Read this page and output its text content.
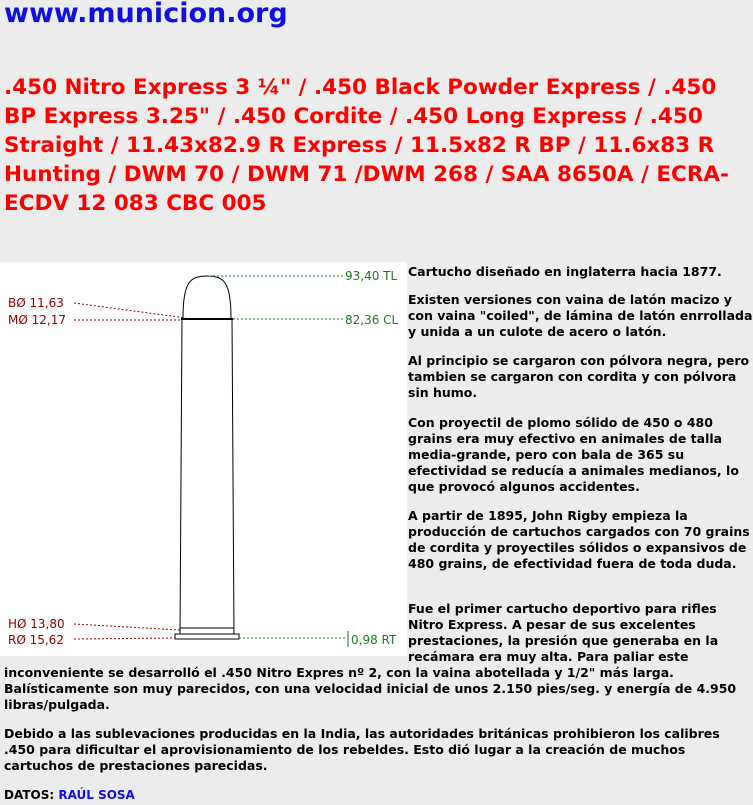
www.municion.org
.450 Nitro Express 3 ¼" / .450 Black Powder Express / .450 BP Express 3.25" / .450 Cordite / .450 Long Express / .450 Straight / 11.43x82.9 R Express / 11.5x82 R BP / 11.6x83 R Hunting / DWM 70 / DWM 71 /DWM 268 / SAA 8650A / ECRA-ECDV 12 083 CBC 005
BØ 11,63
MØ 12,17
HØ 13,80
RØ 15,62
93,40 TL
82,36 CL
0,98 RT

Cartucho diseñado en inglaterra hacia 1877.

Existen versiones con vaina de latón macizo y con vaina "coiled", de lámina de latón enrrollada y unida a un culote de acero o latón.

Al principio se cargaron con pólvora negra, pero tambien se cargaron con cordita y con pólvora sin humo.

Con proyectil de plomo sólido de 450 o 480 grains era muy efectivo en animales de talla media-grande, pero con bala de 365 su efectividad se reducía a animales medianos, lo que provocó algunos accidentes.

A partir de 1895, John Rigby empieza la producción de cartuchos cargados con 70 grains de cordita y proyectiles sólidos o expansivos de 480 grains, de efectividad fuera de toda duda.

Fue el primer cartucho deportivo para rifles Nitro Express. A pesar de sus excelentes prestaciones, la presión que generaba en la recámara era muy alta. Para paliar este

inconveniente se desarrolló el .450 Nitro Expres nº 2, con la vaina abotellada y 1/2" más larga. Balísticamente son muy parecidos, con una velocidad inicial de unos 2.150 pies/seg. y energía de 4.950 libras/pulgada.

Debido a las sublevaciones producidas en la India, las autoridades británicas prohibieron los calibres .450 para dificultar el aprovisionamiento de los rebeldes. Esto dió lugar a la creación de muchos cartuchos de prestaciones parecidas.

DATOS: RAÚL SOSA
